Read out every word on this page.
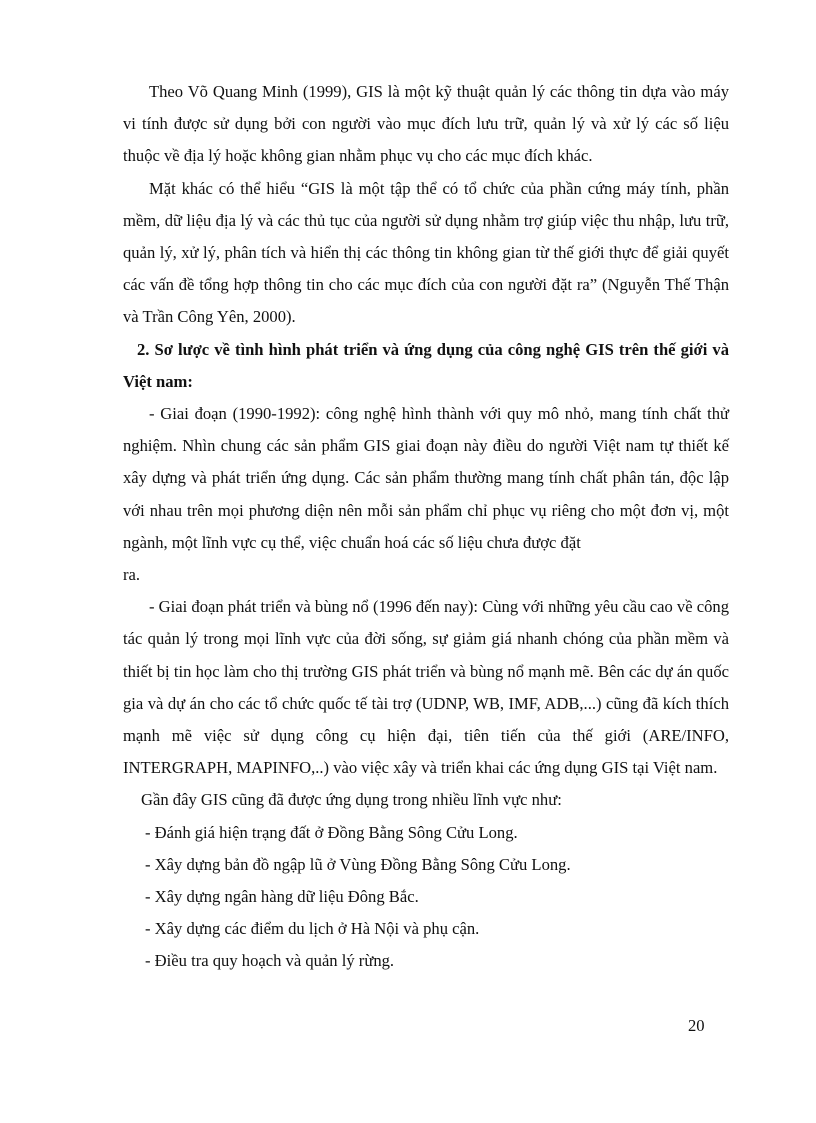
Theo Võ Quang Minh (1999), GIS là một kỹ thuật quản lý các thông tin dựa vào máy vi tính được sử dụng bởi con người vào mục đích lưu trữ, quản lý và xử lý các số liệu thuộc về địa lý hoặc không gian nhằm phục vụ cho các mục đích khác.

Mặt khác có thể hiểu “GIS là một tập thể có tổ chức của phần cứng máy tính, phần mềm, dữ liệu địa lý và các thủ tục của người sử dụng nhằm trợ giúp việc thu nhập, lưu trữ, quản lý, xử lý, phân tích và hiển thị các thông tin không gian từ thế giới thực để giải quyết các vấn đề tổng hợp thông tin cho các mục đích của con người đặt ra” (Nguyễn Thế Thận và Trần Công Yên, 2000).

2. Sơ lược về tình hình phát triển và ứng dụng của công nghệ GIS trên thế giới và Việt nam:

- Giai đoạn (1990-1992): công nghệ hình thành với quy mô nhỏ, mang tính chất thử nghiệm. Nhìn chung các sản phẩm GIS giai đoạn này điều do người Việt nam tự thiết kế xây dựng và phát triển ứng dụng. Các sản phẩm thường mang tính chất phân tán, độc lập với nhau trên mọi phương diện nên mỗi sản phẩm chỉ phục vụ riêng cho một đơn vị, một ngành, một lĩnh vực cụ thể, việc chuẩn hoá các số liệu chưa được đặt

ra.

- Giai đoạn phát triển và bùng nổ (1996 đến nay): Cùng với những yêu cầu cao về công tác quản lý trong mọi lĩnh vực của đời sống, sự giảm giá nhanh chóng của phần mềm và thiết bị tin học làm cho thị trường GIS phát triển và bùng nổ mạnh mẽ. Bên các dự án quốc gia và dự án cho các tổ chức quốc tế tài trợ (UDNP, WB, IMF, ADB,...) cũng đã kích thích mạnh mẽ việc sử dụng công cụ hiện đại, tiên tiến của thế giới (ARE/INFO, INTERGRAPH, MAPINFO,..) vào việc xây và triển khai các ứng dụng GIS tại Việt nam.

Gần đây GIS cũng đã được ứng dụng trong nhiều lĩnh vực như:

- Đánh giá hiện trạng đất ở Đồng Bằng Sông Cửu Long.
- Xây dựng bản đồ ngập lũ ở Vùng Đồng Bằng Sông Cửu Long.
- Xây dựng ngân hàng dữ liệu Đông Bắc.
- Xây dựng các điểm du lịch ở Hà Nội và phụ cận.
- Điều tra quy hoạch và quản lý rừng.
20
